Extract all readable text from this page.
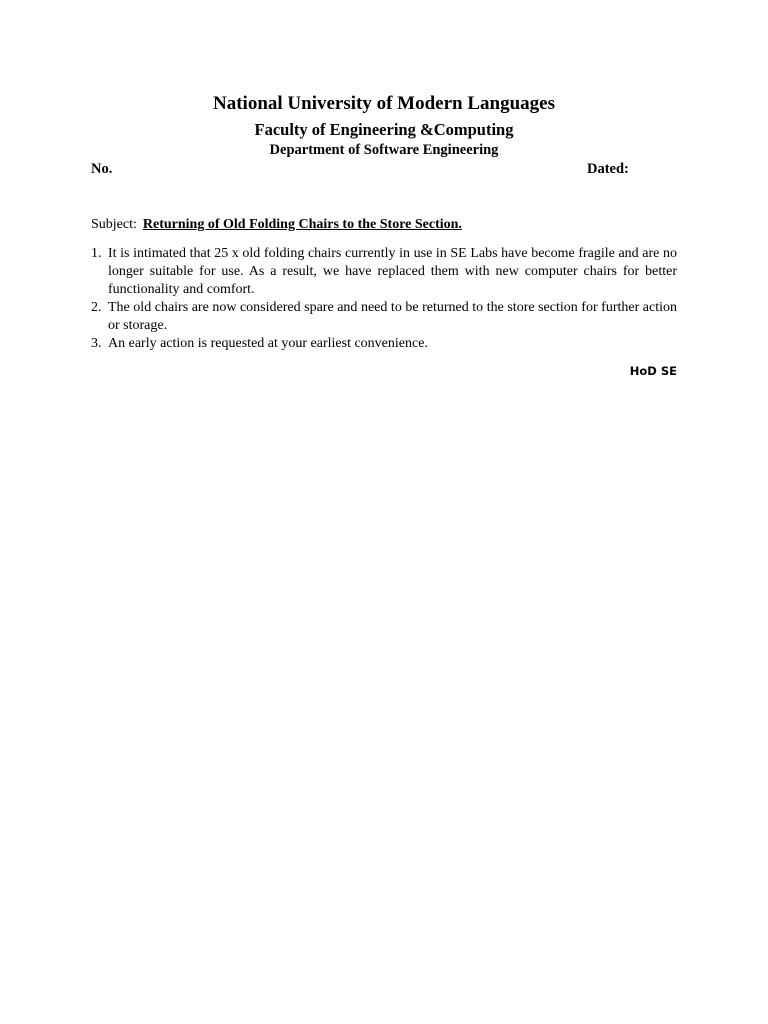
National University of Modern Languages
Faculty of Engineering &Computing
Department of Software Engineering
No.	Dated:
Subject: Returning of Old Folding Chairs to the Store Section.
1. It is intimated that 25 x old folding chairs currently in use in SE Labs have become fragile and are no longer suitable for use. As a result, we have replaced them with new computer chairs for better functionality and comfort.
2. The old chairs are now considered spare and need to be returned to the store section for further action or storage.
3. An early action is requested at your earliest convenience.
HoD SE
